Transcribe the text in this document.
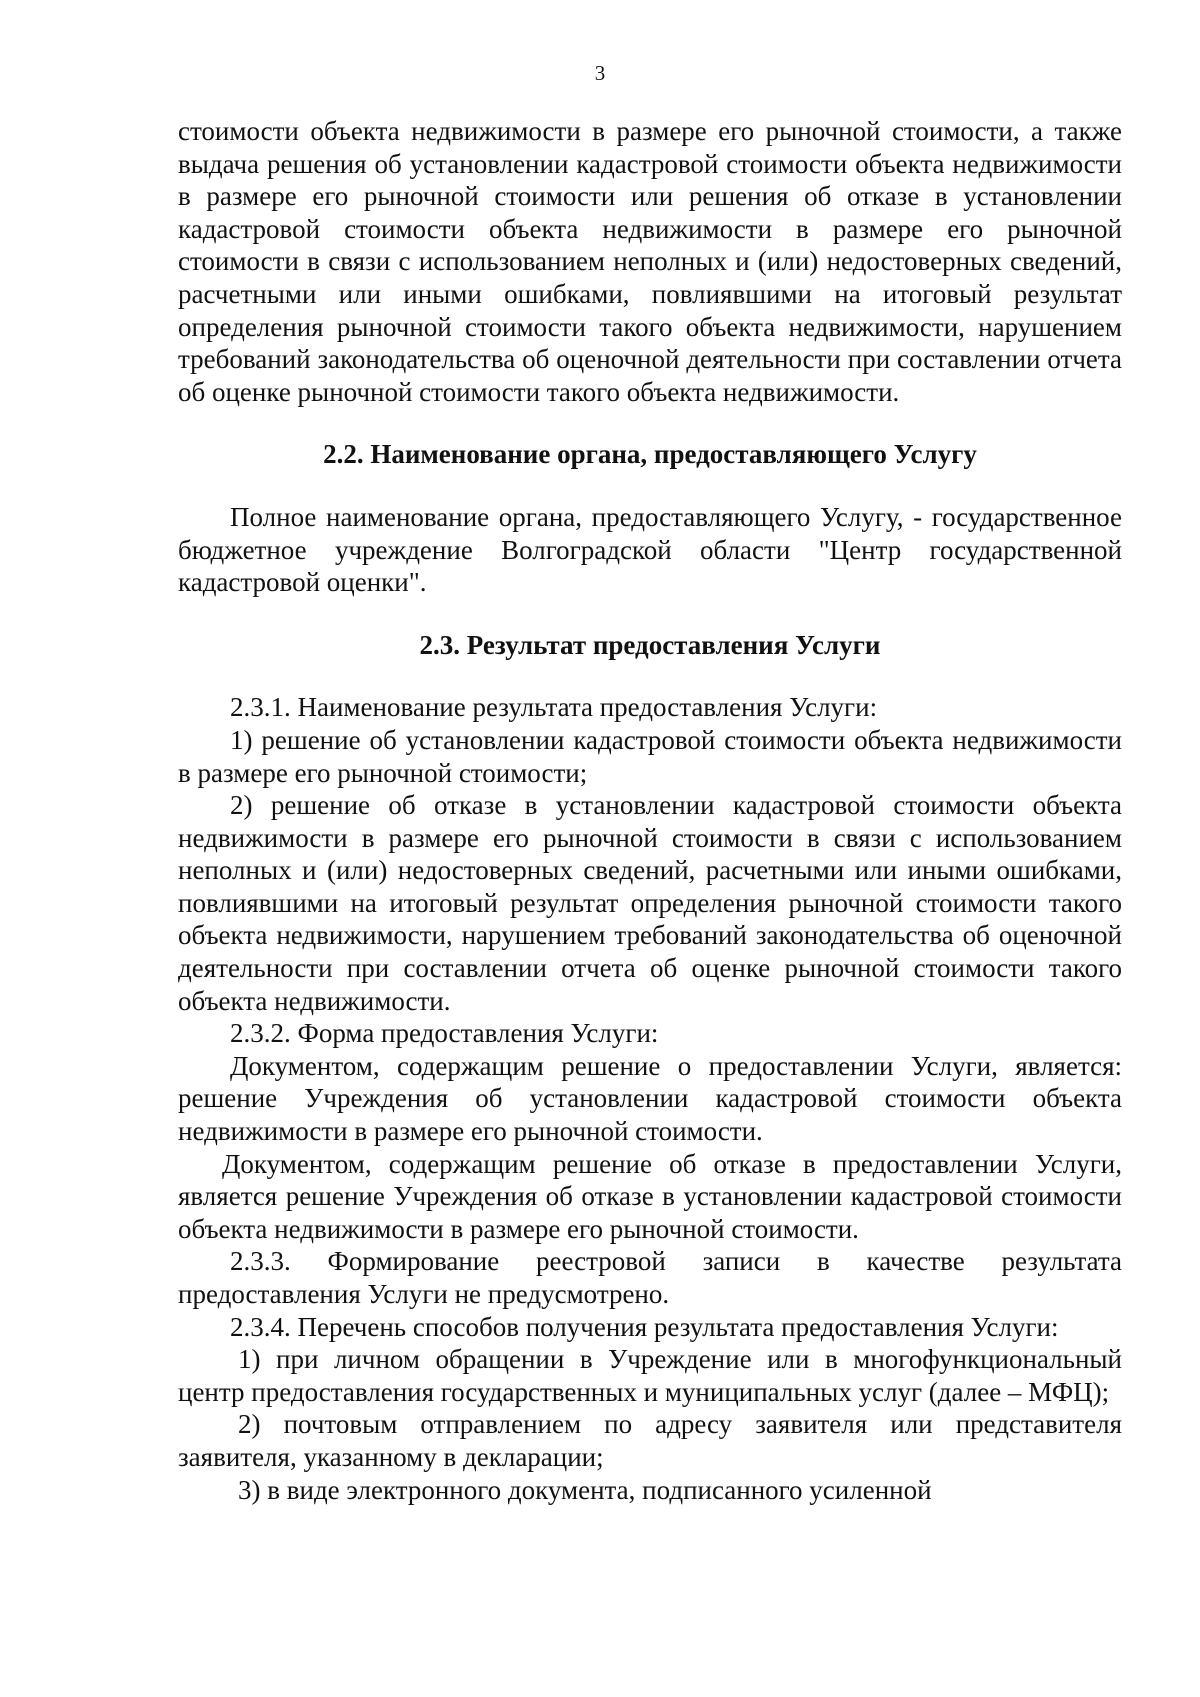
3

стоимости объекта недвижимости в размере его рыночной стоимости, а также выдача решения об установлении кадастровой стоимости объекта недвижимости в размере его рыночной стоимости или решения об отказе в установлении кадастровой стоимости объекта недвижимости в размере его рыночной стоимости в связи с использованием неполных и (или) недостоверных сведений, расчетными или иными ошибками, повлиявшими на итоговый результат определения рыночной стоимости такого объекта недвижимости, нарушением требований законодательства об оценочной деятельности при составлении отчета об оценке рыночной стоимости такого объекта недвижимости.

2.2. Наименование органа, предоставляющего Услугу

Полное наименование органа, предоставляющего Услугу, - государственное бюджетное учреждение Волгоградской области "Центр государственной кадастровой оценки".

2.3. Результат предоставления Услуги

2.3.1. Наименование результата предоставления Услуги:

1) решение об установлении кадастровой стоимости объекта недвижимости в размере его рыночной стоимости;

2) решение об отказе в установлении кадастровой стоимости объекта недвижимости в размере его рыночной стоимости в связи с использованием неполных и (или) недостоверных сведений, расчетными или иными ошибками, повлиявшими на итоговый результат определения рыночной стоимости такого объекта недвижимости, нарушением требований законодательства об оценочной деятельности при составлении отчета об оценке рыночной стоимости такого объекта недвижимости.

2.3.2. Форма предоставления Услуги:

Документом, содержащим решение о предоставлении Услуги, является: решение Учреждения об установлении кадастровой стоимости объекта недвижимости в размере его рыночной стоимости.

Документом, содержащим решение об отказе в предоставлении Услуги, является решение Учреждения об отказе в установлении кадастровой стоимости объекта недвижимости в размере его рыночной стоимости.

2.3.3. Формирование реестровой записи в качестве результата предоставления Услуги не предусмотрено.

2.3.4. Перечень способов получения результата предоставления Услуги:

1) при личном обращении в Учреждение или в многофункциональный центр предоставления государственных и муниципальных услуг (далее – МФЦ);

2) почтовым отправлением по адресу заявителя или представителя заявителя, указанному в декларации;

3) в виде электронного документа, подписанного усиленной
